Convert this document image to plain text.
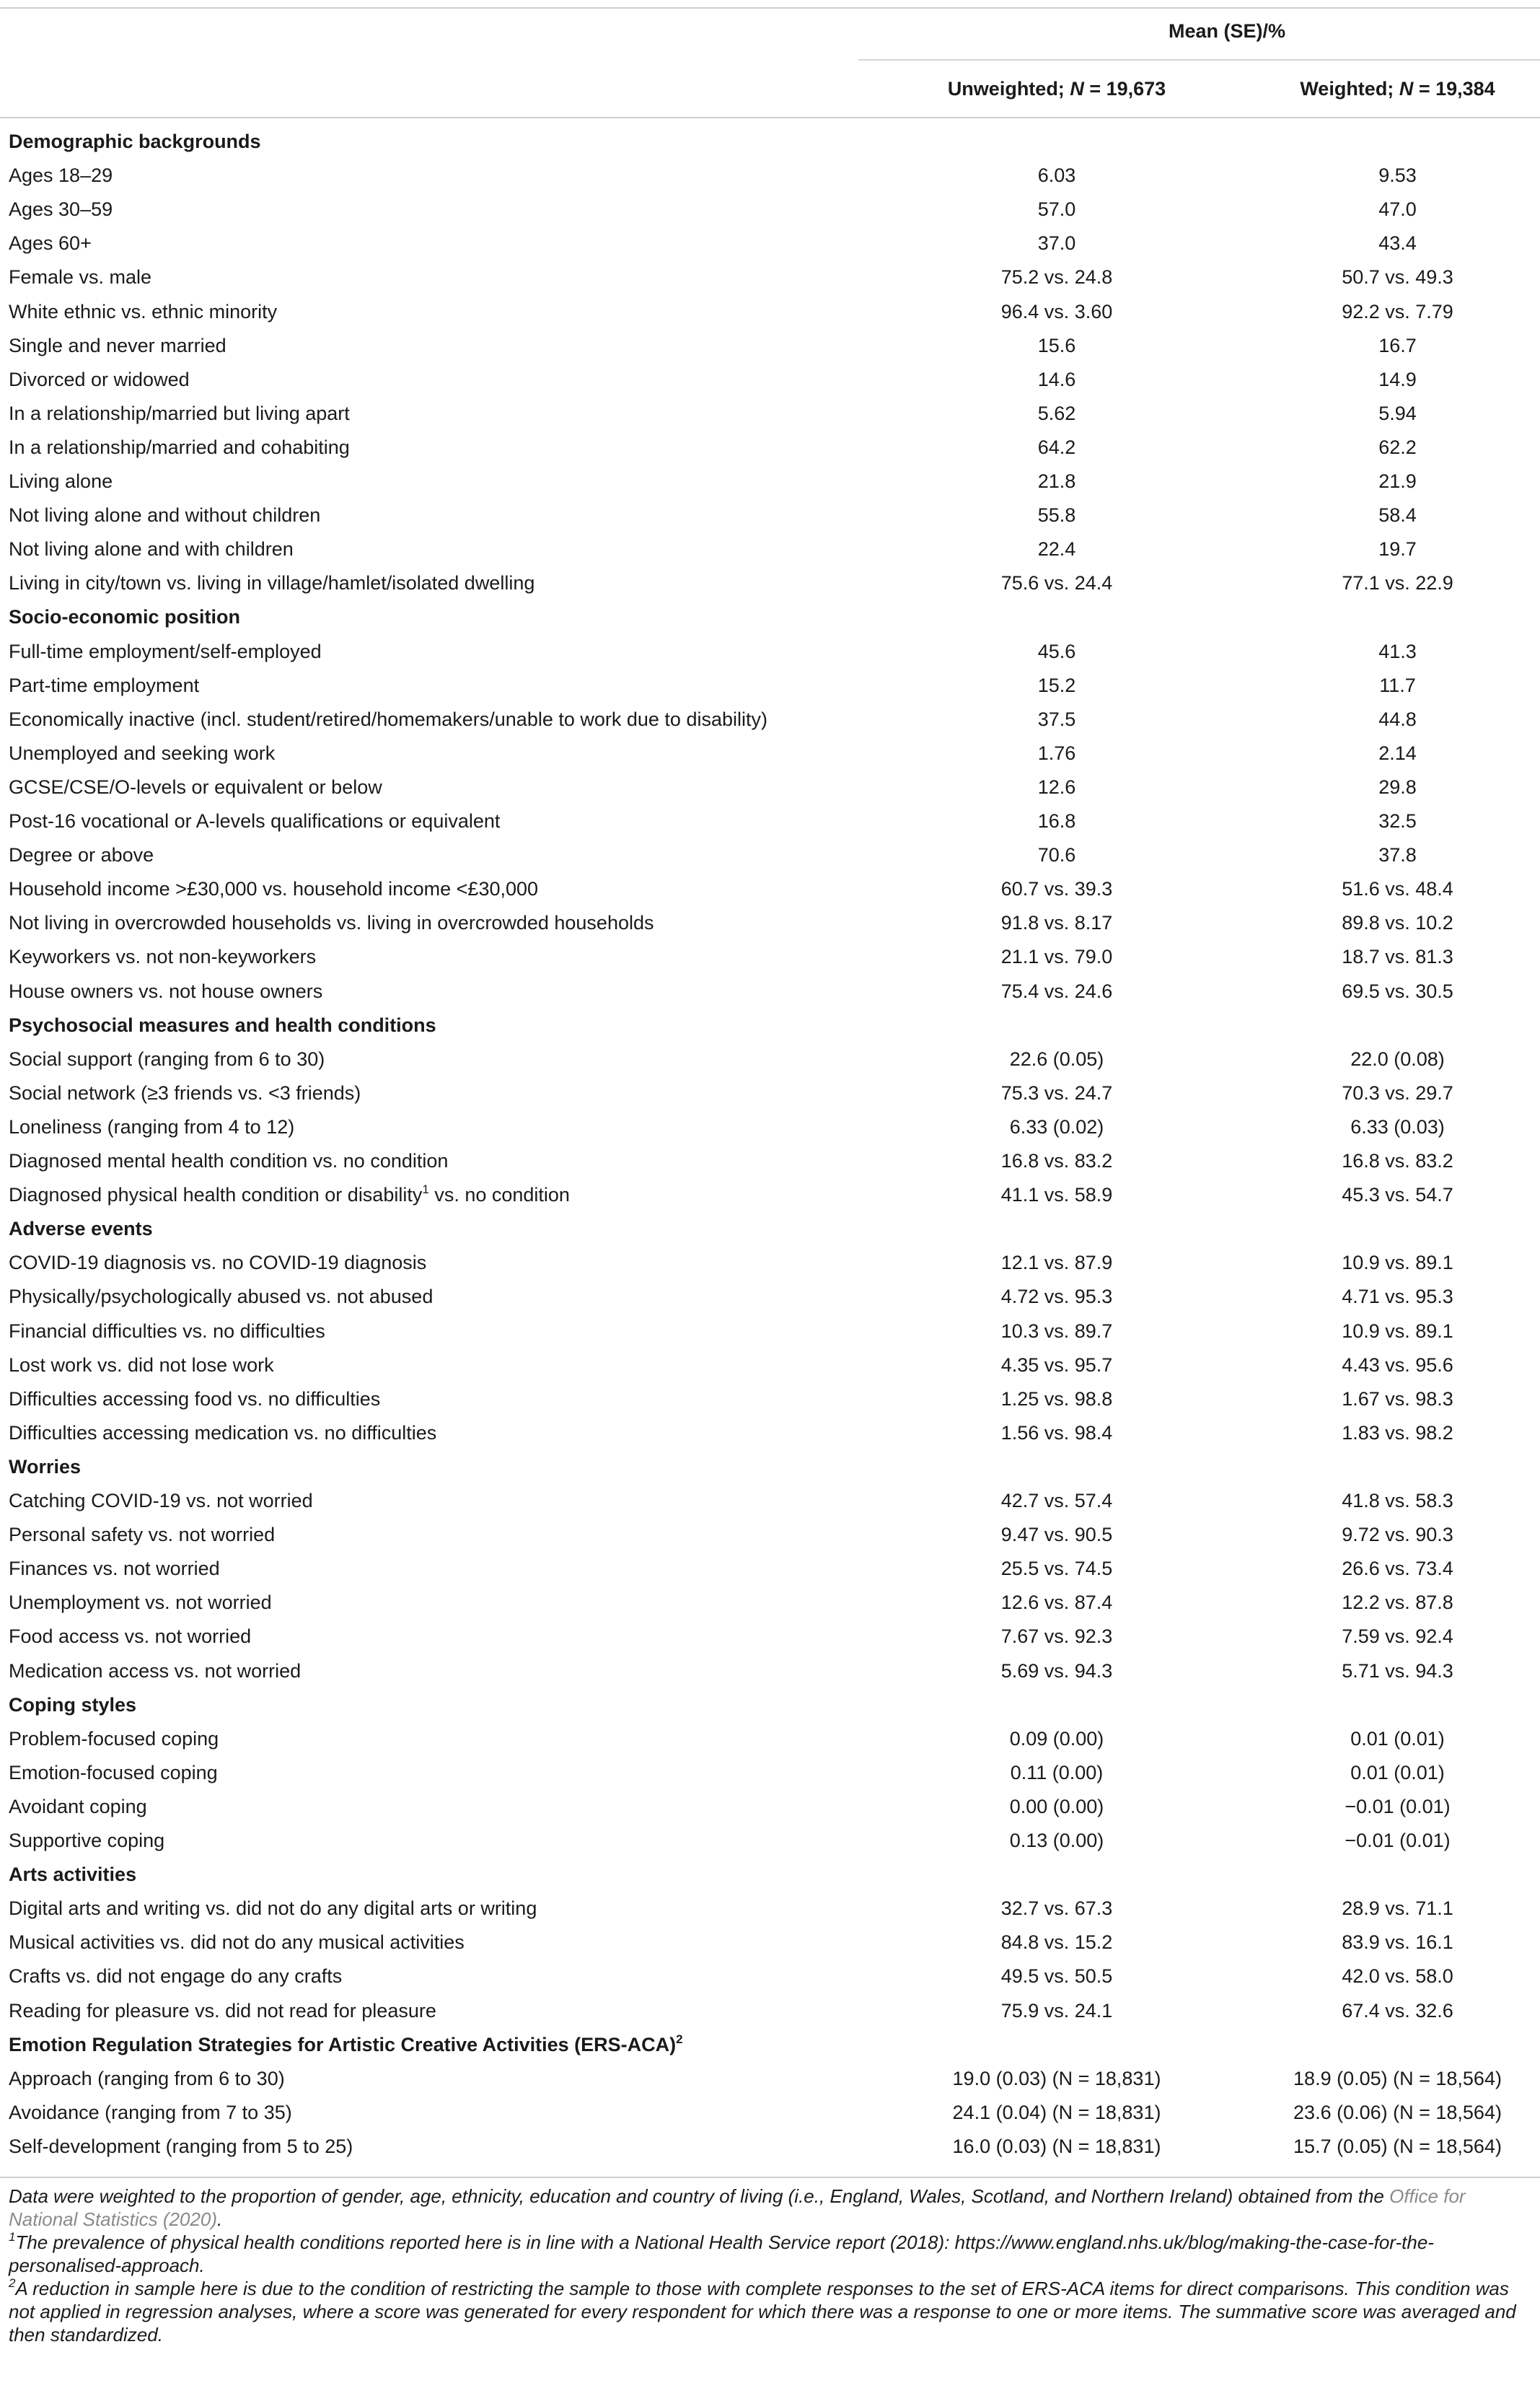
Mean (SE)/%
Unweighted; N = 19,673	Weighted; N = 19,384
Demographic backgrounds
Ages 18–29	6.03	9.53
Ages 30–59	57.0	47.0
Ages 60+	37.0	43.4
Female vs. male	75.2 vs. 24.8	50.7 vs. 49.3
White ethnic vs. ethnic minority	96.4 vs. 3.60	92.2 vs. 7.79
Single and never married	15.6	16.7
Divorced or widowed	14.6	14.9
In a relationship/married but living apart	5.62	5.94
In a relationship/married and cohabiting	64.2	62.2
Living alone	21.8	21.9
Not living alone and without children	55.8	58.4
Not living alone and with children	22.4	19.7
Living in city/town vs. living in village/hamlet/isolated dwelling	75.6 vs. 24.4	77.1 vs. 22.9
Socio-economic position
Full-time employment/self-employed	45.6	41.3
Part-time employment	15.2	11.7
Economically inactive (incl. student/retired/homemakers/unable to work due to disability)	37.5	44.8
Unemployed and seeking work	1.76	2.14
GCSE/CSE/O-levels or equivalent or below	12.6	29.8
Post-16 vocational or A-levels qualifications or equivalent	16.8	32.5
Degree or above	70.6	37.8
Household income >£30,000 vs. household income <£30,000	60.7 vs. 39.3	51.6 vs. 48.4
Not living in overcrowded households vs. living in overcrowded households	91.8 vs. 8.17	89.8 vs. 10.2
Keyworkers vs. not non-keyworkers	21.1 vs. 79.0	18.7 vs. 81.3
House owners vs. not house owners	75.4 vs. 24.6	69.5 vs. 30.5
Psychosocial measures and health conditions
Social support (ranging from 6 to 30)	22.6 (0.05)	22.0 (0.08)
Social network (≥3 friends vs. <3 friends)	75.3 vs. 24.7	70.3 vs. 29.7
Loneliness (ranging from 4 to 12)	6.33 (0.02)	6.33 (0.03)
Diagnosed mental health condition vs. no condition	16.8 vs. 83.2	16.8 vs. 83.2
Diagnosed physical health condition or disability$^1$ vs. no condition	41.1 vs. 58.9	45.3 vs. 54.7
Adverse events
COVID-19 diagnosis vs. no COVID-19 diagnosis	12.1 vs. 87.9	10.9 vs. 89.1
Physically/psychologically abused vs. not abused	4.72 vs. 95.3	4.71 vs. 95.3
Financial difficulties vs. no difficulties	10.3 vs. 89.7	10.9 vs. 89.1
Lost work vs. did not lose work	4.35 vs. 95.7	4.43 vs. 95.6
Difficulties accessing food vs. no difficulties	1.25 vs. 98.8	1.67 vs. 98.3
Difficulties accessing medication vs. no difficulties	1.56 vs. 98.4	1.83 vs. 98.2
Worries
Catching COVID-19 vs. not worried	42.7 vs. 57.4	41.8 vs. 58.3
Personal safety vs. not worried	9.47 vs. 90.5	9.72 vs. 90.3
Finances vs. not worried	25.5 vs. 74.5	26.6 vs. 73.4
Unemployment vs. not worried	12.6 vs. 87.4	12.2 vs. 87.8
Food access vs. not worried	7.67 vs. 92.3	7.59 vs. 92.4
Medication access vs. not worried	5.69 vs. 94.3	5.71 vs. 94.3
Coping styles
Problem-focused coping	0.09 (0.00)	0.01 (0.01)
Emotion-focused coping	0.11 (0.00)	0.01 (0.01)
Avoidant coping	0.00 (0.00)	−0.01 (0.01)
Supportive coping	0.13 (0.00)	−0.01 (0.01)
Arts activities
Digital arts and writing vs. did not do any digital arts or writing	32.7 vs. 67.3	28.9 vs. 71.1
Musical activities vs. did not do any musical activities	84.8 vs. 15.2	83.9 vs. 16.1
Crafts vs. did not engage do any crafts	49.5 vs. 50.5	42.0 vs. 58.0
Reading for pleasure vs. did not read for pleasure	75.9 vs. 24.1	67.4 vs. 32.6
Emotion Regulation Strategies for Artistic Creative Activities $(ERS-ACA)^2$
Approach (ranging from 6 to 30)	19.0 (0.03) (N = 18,831)	18.9 (0.05) (N = 18,564)
Avoidance (ranging from 7 to 35)	24.1 (0.04) (N = 18,831)	23.6 (0.06) (N = 18,564)
Self-development (ranging from 5 to 25)	16.0 (0.03) (N = 18,831)	15.7 (0.05) (N = 18,564)

Data were weighted to the proportion of gender, age, ethnicity, education and country of living (i.e., England, Wales, Scotland, and Northern Ireland) obtained from the Office for National Statistics (2020).

$^1$The prevalence of physical health conditions reported here is in line with a National Health Service report (2018): https://www.england.nhs.uk/blog/making-the-case-for-the-personalised-approach.

$^2$A reduction in sample here is due to the condition of restricting the sample to those with complete responses to the set of ERS-ACA items for direct comparisons. This condition was not applied in regression analyses, where a score was generated for every respondent for which there was a response to one or more items. The summative score was averaged and then standardized.
